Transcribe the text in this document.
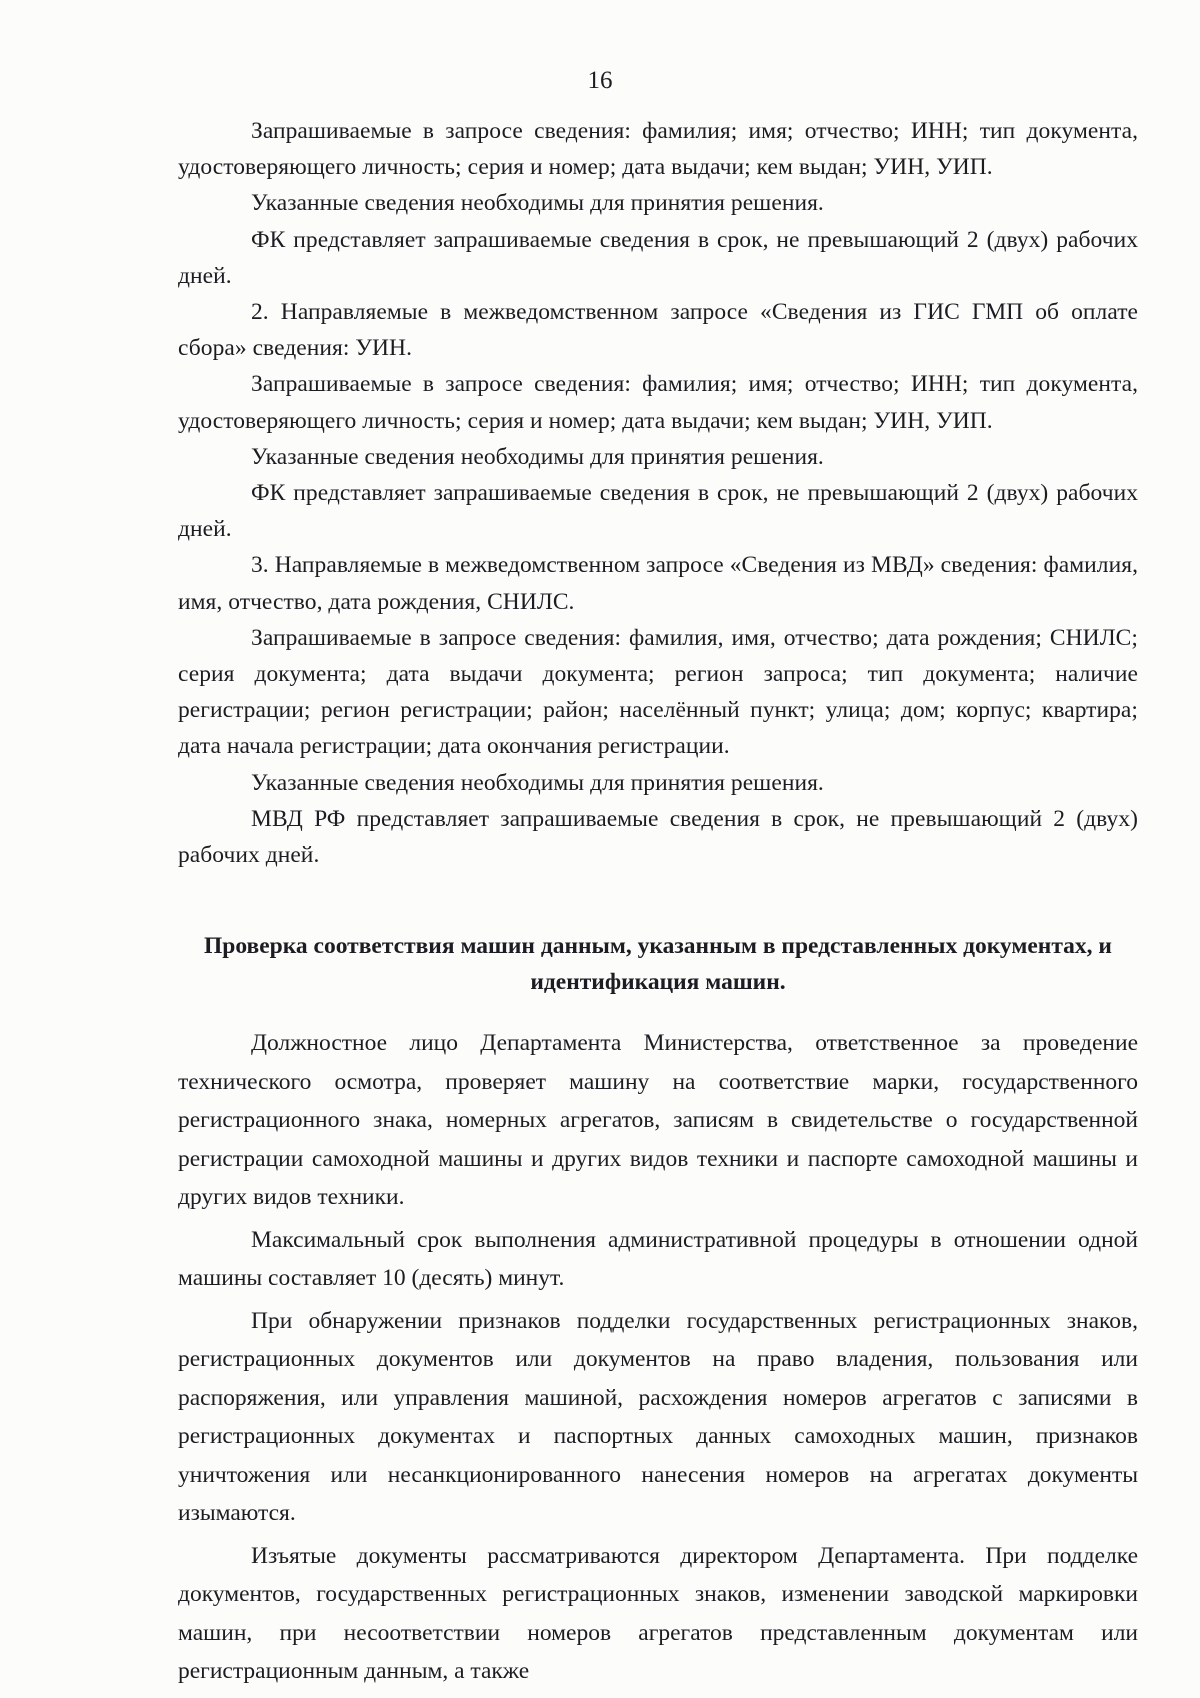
16

Запрашиваемые в запросе сведения: фамилия; имя; отчество; ИНН; тип документа, удостоверяющего личность; серия и номер; дата выдачи; кем выдан; УИН, УИП.

Указанные сведения необходимы для принятия решения.

ФК представляет запрашиваемые сведения в срок, не превышающий 2 (двух) рабочих дней.

2. Направляемые в межведомственном запросе «Сведения из ГИС ГМП об оплате сбора» сведения: УИН.

Запрашиваемые в запросе сведения: фамилия; имя; отчество; ИНН; тип документа, удостоверяющего личность; серия и номер; дата выдачи; кем выдан; УИН, УИП.

Указанные сведения необходимы для принятия решения.

ФК представляет запрашиваемые сведения в срок, не превышающий 2 (двух) рабочих дней.

3. Направляемые в межведомственном запросе «Сведения из МВД» сведения: фамилия, имя, отчество, дата рождения, СНИЛС.

Запрашиваемые в запросе сведения: фамилия, имя, отчество; дата рождения; СНИЛС; серия документа; дата выдачи документа; регион запроса; тип документа; наличие регистрации; регион регистрации; район; населённый пункт; улица; дом; корпус; квартира; дата начала регистрации; дата окончания регистрации.

Указанные сведения необходимы для принятия решения.

МВД РФ представляет запрашиваемые сведения в срок, не превышающий 2 (двух) рабочих дней.

Проверка соответствия машин данным, указанным в представленных документах, и идентификация машин.

Должностное лицо Департамента Министерства, ответственное за проведение технического осмотра, проверяет машину на соответствие марки, государственного регистрационного знака, номерных агрегатов, записям в свидетельстве о государственной регистрации самоходной машины и других видов техники и паспорте самоходной машины и других видов техники.

Максимальный срок выполнения административной процедуры в отношении одной машины составляет 10 (десять) минут.

При обнаружении признаков подделки государственных регистрационных знаков, регистрационных документов или документов на право владения, пользования или распоряжения, или управления машиной, расхождения номеров агрегатов с записями в регистрационных документах и паспортных данных самоходных машин, признаков уничтожения или несанкционированного нанесения номеров на агрегатах документы изымаются.

Изъятые документы рассматриваются директором Департамента. При подделке документов, государственных регистрационных знаков, изменении заводской маркировки машин, при несоответствии номеров агрегатов представленным документам или регистрационным данным, а также
